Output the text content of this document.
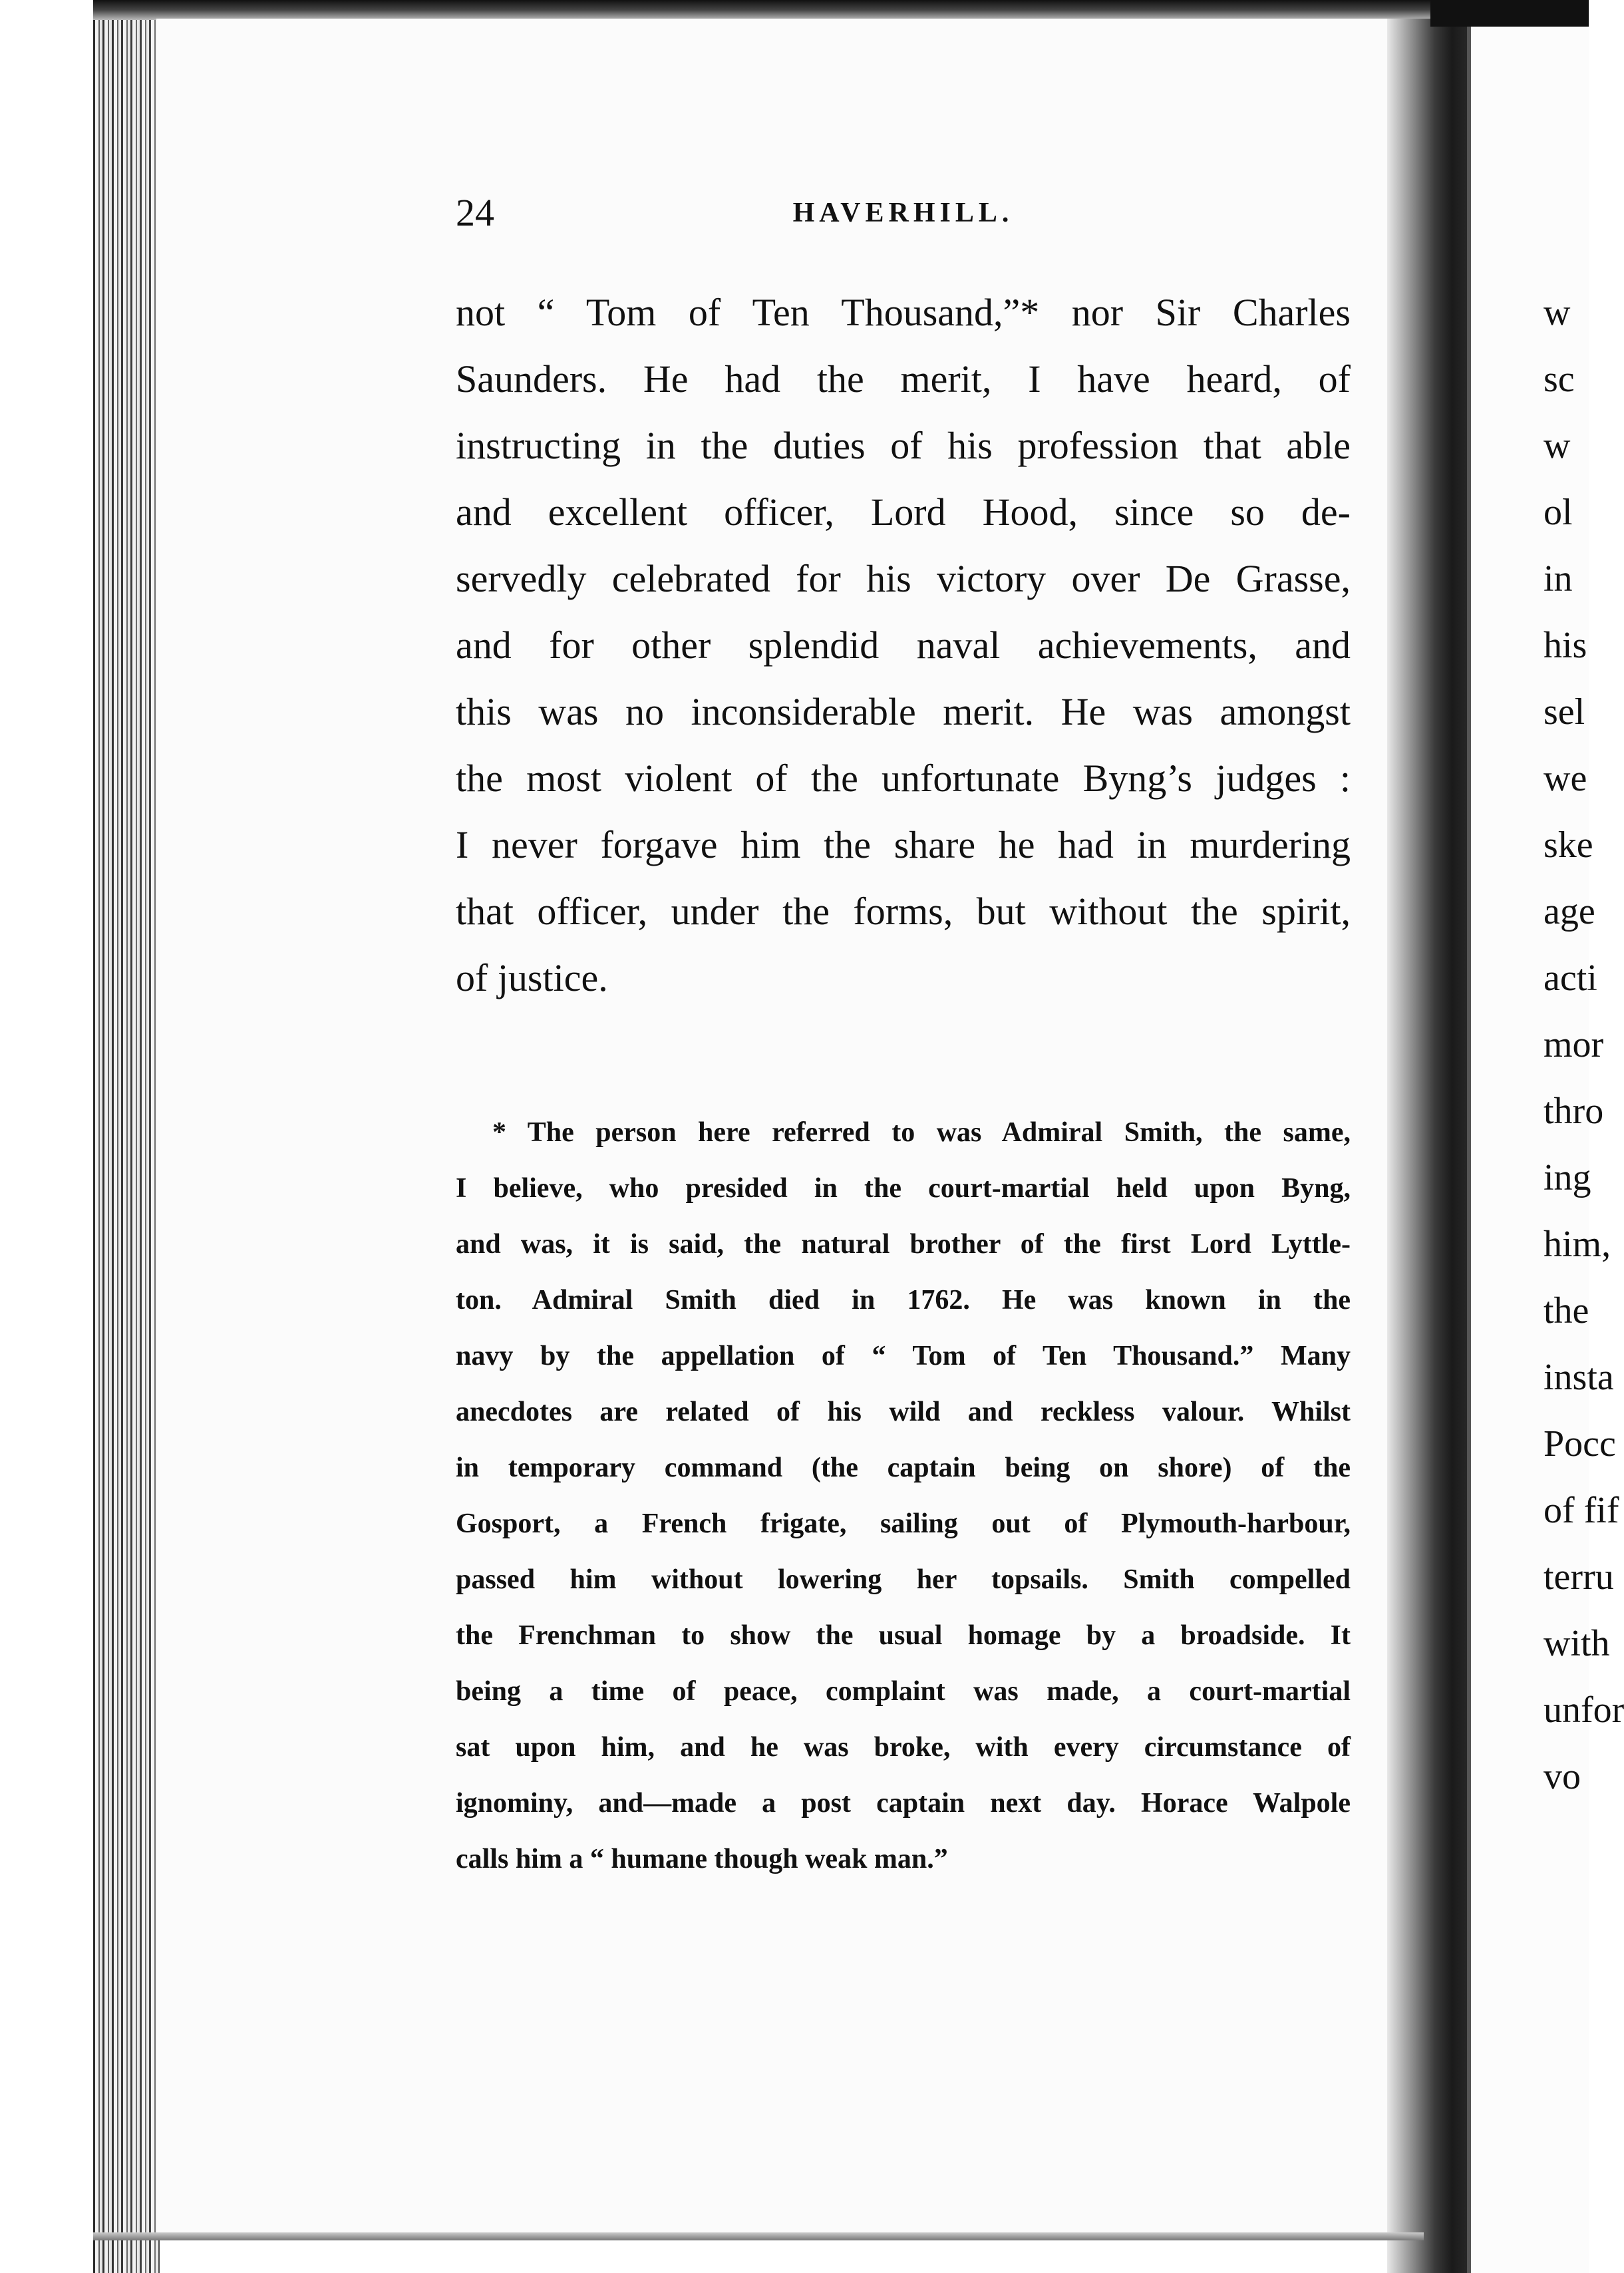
24	HAVERHILL.
not “ Tom of Ten Thousand,”* nor Sir Charles
Saunders. He had the merit, I have heard, of
instructing in the duties of his profession that able
and excellent officer, Lord Hood, since so de-
servedly celebrated for his victory over De Grasse,
and for other splendid naval achievements, and
this was no inconsiderable merit. He was amongst
the most violent of the unfortunate Byng’s judges :
I never forgave him the share he had in murdering
that officer, under the forms, but without the spirit,
of justice.
* The person here referred to was Admiral Smith, the same,
I believe, who presided in the court-martial held upon Byng,
and was, it is said, the natural brother of the first Lord Lyttle-
ton. Admiral Smith died in 1762. He was known in the
navy by the appellation of “ Tom of Ten Thousand.” Many
anecdotes are related of his wild and reckless valour. Whilst
in temporary command (the captain being on shore) of the
Gosport, a French frigate, sailing out of Plymouth-harbour,
passed him without lowering her topsails. Smith compelled
the Frenchman to show the usual homage by a broadside. It
being a time of peace, complaint was made, a court-martial
sat upon him, and he was broke, with every circumstance of
ignominy, and—made a post captain next day. Horace Walpole
calls him a “ humane though weak man.”
w
sc
w
ol
in
his
sel
we
ske
age
acti
mor
thro
ing
him,
the
insta
Pocc
of fif
terru
with
unfor
vo
